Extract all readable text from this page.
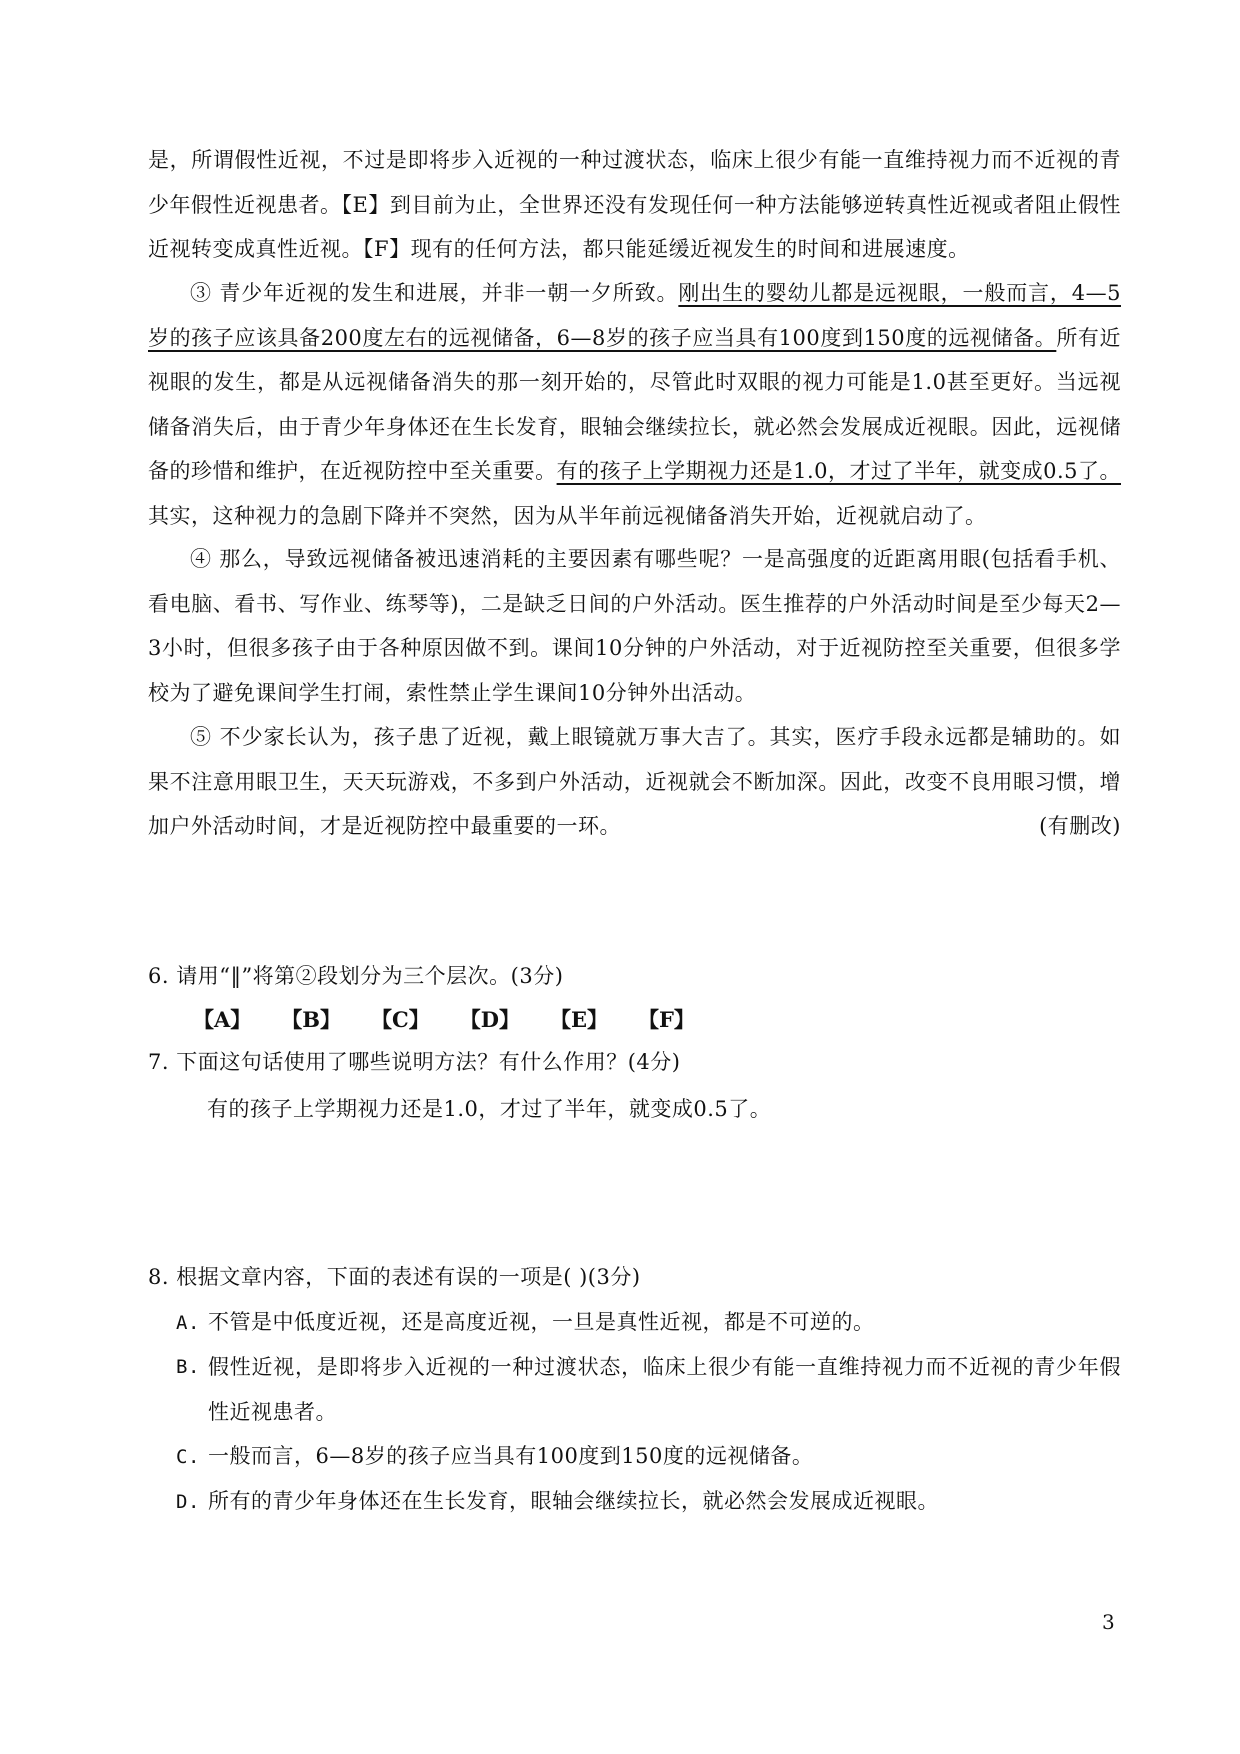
是，所谓假性近视，不过是即将步入近视的一种过渡状态，临床上很少有能一直维持视力而不近视的青少年假性近视患者。【E】到目前为止，全世界还没有发现任何一种方法能够逆转真性近视或者阻止假性近视转变成真性近视。【F】现有的任何方法，都只能延缓近视发生的时间和进展速度。

③ 青少年近视的发生和进展，并非一朝一夕所致。刚出生的婴幼儿都是远视眼，一般而言，4—5岁的孩子应该具备200度左右的远视储备，6—8岁的孩子应当具有100度到150度的远视储备。所有近视眼的发生，都是从远视储备消失的那一刻开始的，尽管此时双眼的视力可能是1.0甚至更好。当远视储备消失后，由于青少年身体还在生长发育，眼轴会继续拉长，就必然会发展成近视眼。因此，远视储备的珍惜和维护，在近视防控中至关重要。有的孩子上学期视力还是1.0，才过了半年，就变成0.5了。其实，这种视力的急剧下降并不突然，因为从半年前远视储备消失开始，近视就启动了。

④ 那么，导致远视储备被迅速消耗的主要因素有哪些呢？一是高强度的近距离用眼(包括看手机、看电脑、看书、写作业、练琴等)，二是缺乏日间的户外活动。医生推荐的户外活动时间是至少每天2—3小时，但很多孩子由于各种原因做不到。课间10分钟的户外活动，对于近视防控至关重要，但很多学校为了避免课间学生打闹，索性禁止学生课间10分钟外出活动。

⑤ 不少家长认为，孩子患了近视，戴上眼镜就万事大吉了。其实，医疗手段永远都是辅助的。如果不注意用眼卫生，天天玩游戏，不多到户外活动，近视就会不断加深。因此，改变不良用眼习惯，增加户外活动时间，才是近视防控中最重要的一环。	(有删改)

6. 请用“‖”将第②段划分为三个层次。(3分)

【A】 【B】 【C】 【D】 【E】 【F】

7. 下面这句话使用了哪些说明方法？有什么作用？(4分)

有的孩子上学期视力还是1.0，才过了半年，就变成0.5了。

8. 根据文章内容，下面的表述有误的一项是( )(3分)

A. 不管是中低度近视，还是高度近视，一旦是真性近视，都是不可逆的。
B. 假性近视，是即将步入近视的一种过渡状态，临床上很少有能一直维持视力而不近视的青少年假性近视患者。
C. 一般而言，6—8岁的孩子应当具有100度到150度的远视储备。
D. 所有的青少年身体还在生长发育，眼轴会继续拉长，就必然会发展成近视眼。
3
